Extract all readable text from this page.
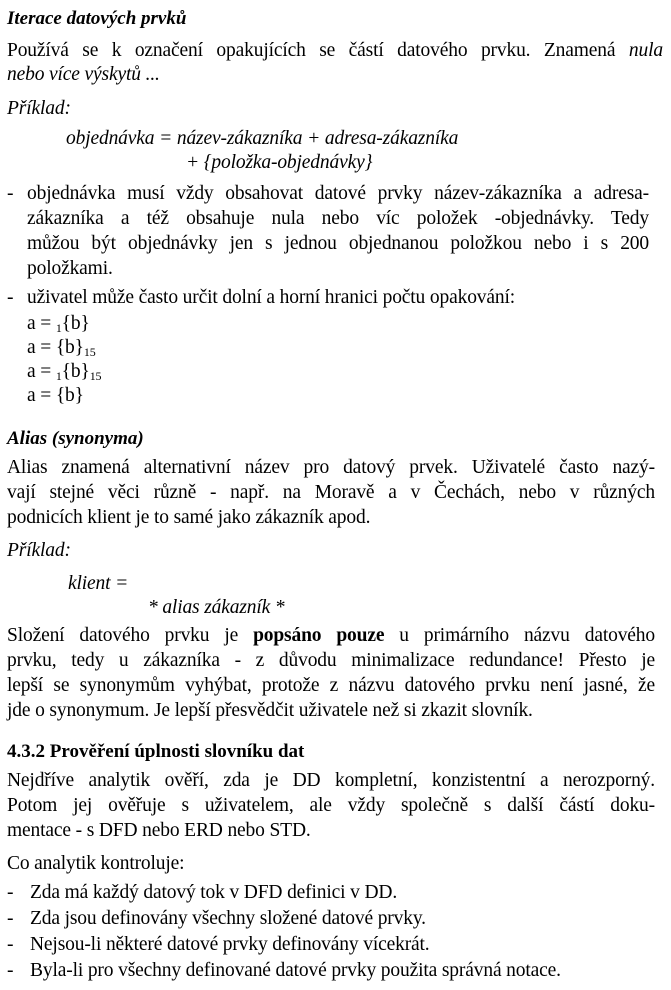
Iterace datových prvků
Používá se k označení opakujících se částí datového prvku. Znamená nula
nebo více výskytů ...
Příklad:
objednávka = název-zákazníka + adresa-zákazníka
+ {položka-objednávky}
- objednávka musí vždy obsahovat datové prvky název-zákazníka a adresa-
zákazníka a též obsahuje nula nebo víc položek -objednávky. Tedy
můžou být objednávky jen s jednou objednanou položkou nebo i s 200
položkami.
- uživatel může často určit dolní a horní hranici počtu opakování:
a = $_1${b}
$a = \{b\}_{15}$
$a = _1\{b\}_{15}$
a = {b}
Alias (synonyma)
Alias znamená alternativní název pro datový prvek. Uživatelé často nazý-
vají stejné věci různě - např. na Moravě a v Čechách, nebo v různých
podnicích klient je to samé jako zákazník apod.
Příklad:
klient =
* alias zákazník *
Složení datového prvku je popsáno pouze u primárního názvu datového
prvku, tedy u zákazníka - z důvodu minimalizace redundance! Přesto je
lepší se synonymům vyhýbat, protože z názvu datového prvku není jasné, že
jde o synonymum. Je lepší přesvědčit uživatele než si zkazit slovník.
4.3.2 Prověření úplnosti slovníku dat
Nejdříve analytik ověří, zda je DD kompletní, konzistentní a nerozporný.
Potom jej ověřuje s uživatelem, ale vždy společně s další částí doku-
mentace - s DFD nebo ERD nebo STD.
Co analytik kontroluje:
- Zda má každý datový tok v DFD definici v DD.
- Zda jsou definovány všechny složené datové prvky.
- Nejsou-li některé datové prvky definovány vícekrát.
- Byla-li pro všechny definované datové prvky použita správná notace.
